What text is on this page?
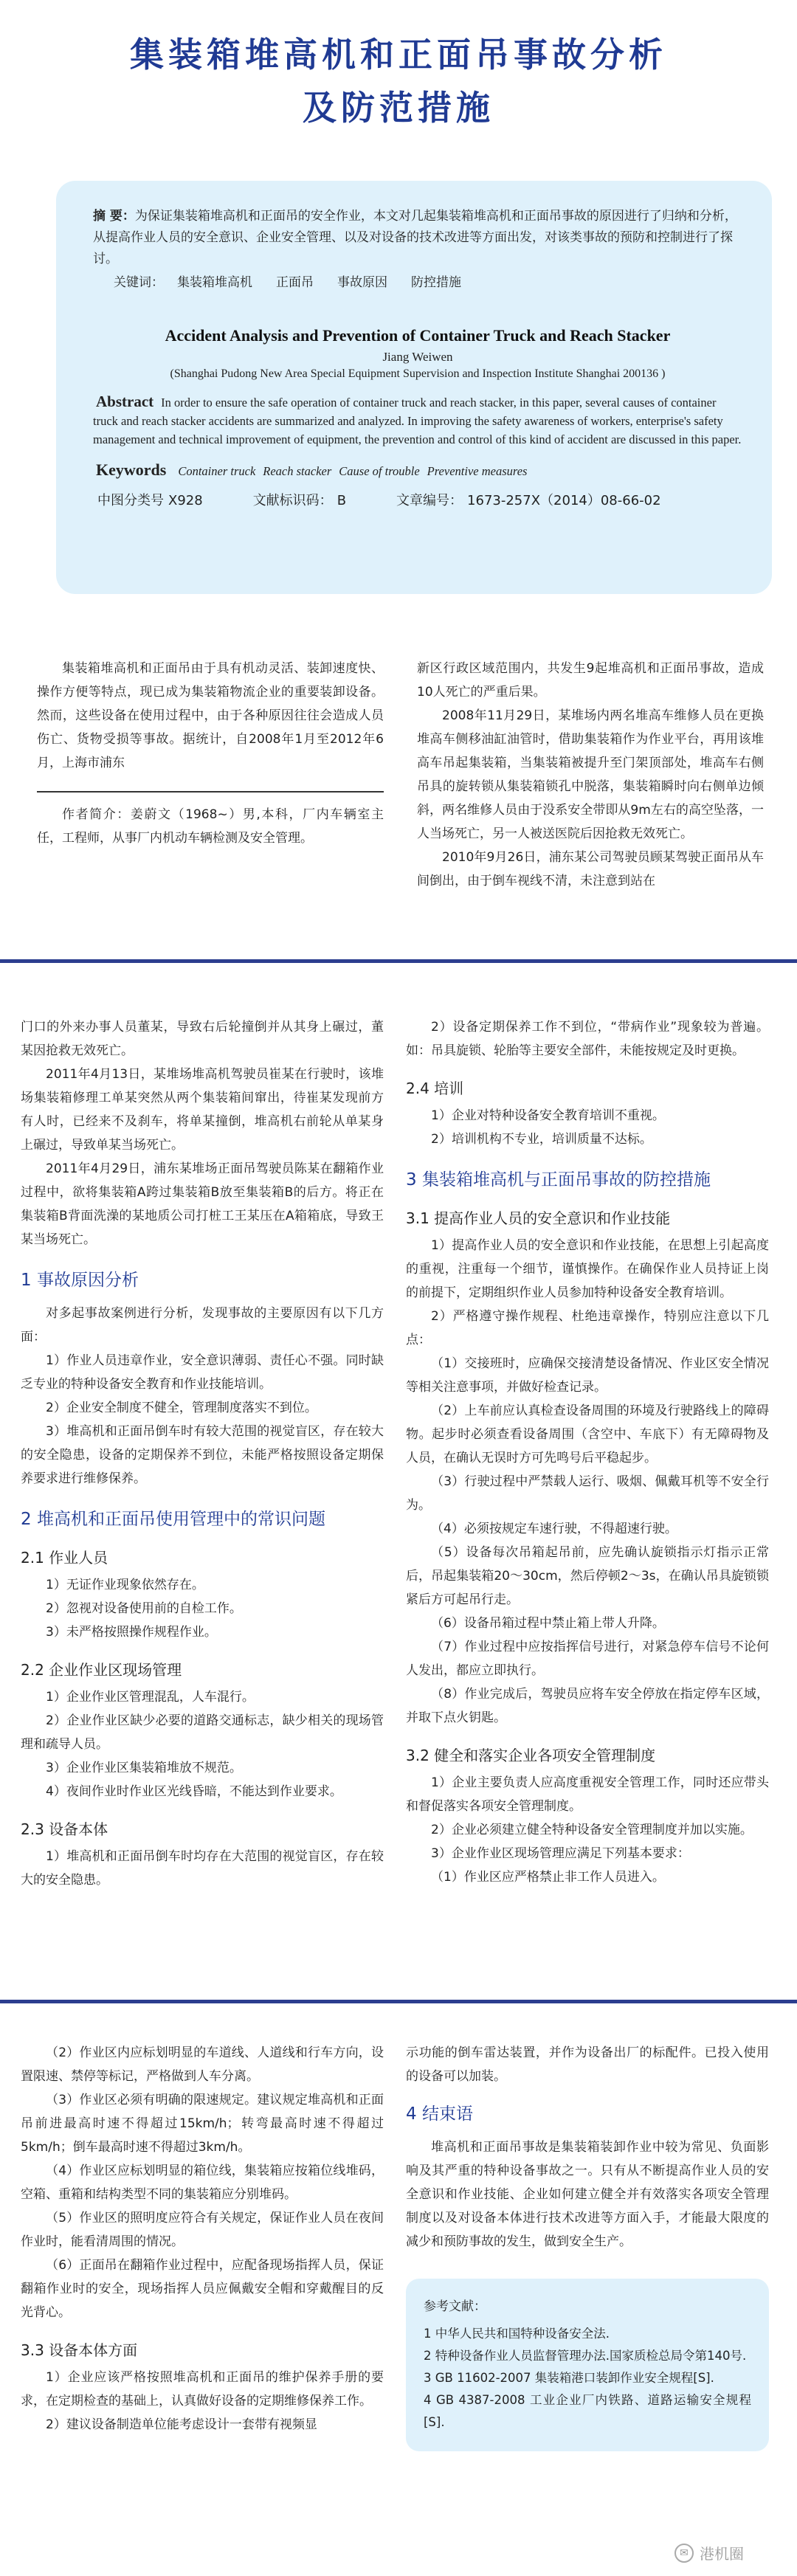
集装箱堆高机和正面吊事故分析
及防范措施
摘 要：为保证集装箱堆高机和正面吊的安全作业，本文对几起集装箱堆高机和正面吊事故的原因进行了归纳和分析，从提高作业人员的安全意识、企业安全管理、以及对设备的技术改进等方面出发，对该类事故的预防和控制进行了探讨。
关键词： 集装箱堆高机 正面吊 事故原因 防控措施
Accident Analysis and Prevention of Container Truck and Reach Stacker
Jiang Weiwen
(Shanghai Pudong New Area Special Equipment Supervision and Inspection Institute Shanghai 200136 )
Abstract In order to ensure the safe operation of container truck and reach stacker, in this paper, several causes of container truck and reach stacker accidents are summarized and analyzed. In improving the safety awareness of workers, enterprise's safety management and technical improvement of equipment, the prevention and control of this kind of accident are discussed in this paper.
Keywords Container truck Reach stacker Cause of trouble Preventive measures
中图分类号 X928	文献标识码： B	文章编号： 1673-257X（2014）08-66-02

集装箱堆高机和正面吊由于具有机动灵活、装卸速度快、操作方便等特点，现已成为集装箱物流企业的重要装卸设备。然而，这些设备在使用过程中，由于各种原因往往会造成人员伤亡、货物受损等事故。据统计，自2008年1月至2012年6月，上海市浦东

作者简介：姜蔚文（1968~）男,本科，厂内车辆室主任，工程师，从事厂内机动车辆检测及安全管理。

新区行政区域范围内，共发生9起堆高机和正面吊事故，造成10人死亡的严重后果。

2008年11月29日，某堆场内两名堆高车维修人员在更换堆高车侧移油缸油管时，借助集装箱作为作业平台，再用该堆高车吊起集装箱，当集装箱被提升至门架顶部处，堆高车右侧吊具的旋转锁从集装箱锁孔中脱落，集装箱瞬时向右侧单边倾斜，两名维修人员由于没系安全带即从9m左右的高空坠落，一人当场死亡，另一人被送医院后因抢救无效死亡。

2010年9月26日，浦东某公司驾驶员顾某驾驶正面吊从车间倒出，由于倒车视线不清，未注意到站在

门口的外来办事人员董某，导致右后轮撞倒并从其身上碾过，董某因抢救无效死亡。

2011年4月13日，某堆场堆高机驾驶员崔某在行驶时，该堆场集装箱修理工单某突然从两个集装箱间窜出，待崔某发现前方有人时，已经来不及刹车，将单某撞倒，堆高机右前轮从单某身上碾过，导致单某当场死亡。

2011年4月29日，浦东某堆场正面吊驾驶员陈某在翻箱作业过程中，欲将集装箱A跨过集装箱B放至集装箱B的后方。将正在集装箱B背面洗澡的某地质公司打桩工王某压在A箱箱底，导致王某当场死亡。

1 事故原因分析

对多起事故案例进行分析，发现事故的主要原因有以下几方面：

1）作业人员违章作业，安全意识薄弱、责任心不强。同时缺乏专业的特种设备安全教育和作业技能培训。

2）企业安全制度不健全，管理制度落实不到位。

3）堆高机和正面吊倒车时有较大范围的视觉盲区，存在较大的安全隐患，设备的定期保养不到位，未能严格按照设备定期保养要求进行维修保养。

2 堆高机和正面吊使用管理中的常识问题
2.1 作业人员

1）无证作业现象依然存在。

2）忽视对设备使用前的自检工作。

3）未严格按照操作规程作业。

2.2 企业作业区现场管理

1）企业作业区管理混乱，人车混行。

2）企业作业区缺少必要的道路交通标志，缺少相关的现场管理和疏导人员。

3）企业作业区集装箱堆放不规范。

4）夜间作业时作业区光线昏暗，不能达到作业要求。

2.3 设备本体

1）堆高机和正面吊倒车时均存在大范围的视觉盲区，存在较大的安全隐患。

2）设备定期保养工作不到位，“带病作业”现象较为普遍。如：吊具旋锁、轮胎等主要安全部件，未能按规定及时更换。

2.4 培训

1）企业对特种设备安全教育培训不重视。

2）培训机构不专业，培训质量不达标。

3 集装箱堆高机与正面吊事故的防控措施
3.1 提高作业人员的安全意识和作业技能

1）提高作业人员的安全意识和作业技能，在思想上引起高度的重视，注重每一个细节，谨慎操作。在确保作业人员持证上岗的前提下，定期组织作业人员参加特种设备安全教育培训。

2）严格遵守操作规程、杜绝违章操作，特别应注意以下几点：

（1）交接班时，应确保交接清楚设备情况、作业区安全情况等相关注意事项，并做好检查记录。

（2）上车前应认真检查设备周围的环境及行驶路线上的障碍物。起步时必须查看设备周围（含空中、车底下）有无障碍物及人员，在确认无误时方可先鸣号后平稳起步。

（3）行驶过程中严禁载人运行、吸烟、佩戴耳机等不安全行为。

（4）必须按规定车速行驶，不得超速行驶。

（5）设备每次吊箱起吊前，应先确认旋锁指示灯指示正常后，吊起集装箱20～30cm，然后停顿2～3s，在确认吊具旋锁锁紧后方可起吊行走。

（6）设备吊箱过程中禁止箱上带人升降。

（7）作业过程中应按指挥信号进行，对紧急停车信号不论何人发出，都应立即执行。

（8）作业完成后，驾驶员应将车安全停放在指定停车区域，并取下点火钥匙。

3.2 健全和落实企业各项安全管理制度

1）企业主要负责人应高度重视安全管理工作，同时还应带头和督促落实各项安全管理制度。

2）企业必须建立健全特种设备安全管理制度并加以实施。

3）企业作业区现场管理应满足下列基本要求：

（1）作业区应严格禁止非工作人员进入。

（2）作业区内应标划明显的车道线、人道线和行车方向，设置限速、禁停等标记，严格做到人车分离。

（3）作业区必须有明确的限速规定。建议规定堆高机和正面吊前进最高时速不得超过15km/h；转弯最高时速不得超过5km/h；倒车最高时速不得超过3km/h。

（4）作业区应标划明显的箱位线，集装箱应按箱位线堆码，空箱、重箱和结构类型不同的集装箱应分别堆码。

（5）作业区的照明度应符合有关规定，保证作业人员在夜间作业时，能看清周围的情况。

（6）正面吊在翻箱作业过程中，应配备现场指挥人员，保证翻箱作业时的安全，现场指挥人员应佩戴安全帽和穿戴醒目的反光背心。

3.3 设备本体方面

1）企业应该严格按照堆高机和正面吊的维护保养手册的要求，在定期检查的基础上，认真做好设备的定期维修保养工作。

2）建议设备制造单位能考虑设计一套带有视频显

示功能的倒车雷达装置，并作为设备出厂的标配件。已投入使用的设备可以加装。

4 结束语

堆高机和正面吊事故是集装箱装卸作业中较为常见、负面影响及其严重的特种设备事故之一。只有从不断提高作业人员的安全意识和作业技能、企业如何建立健全并有效落实各项安全管理制度以及对设备本体进行技术改进等方面入手，才能最大限度的减少和预防事故的发生，做到安全生产。

参考文献：

1 中华人民共和国特种设备安全法.

2 特种设备作业人员监督管理办法.国家质检总局令第140号.

3 GB 11602-2007 集装箱港口装卸作业安全规程[S].

4 GB 4387-2008 工业企业厂内铁路、道路运输安全规程[S].

✉ 港机圈
